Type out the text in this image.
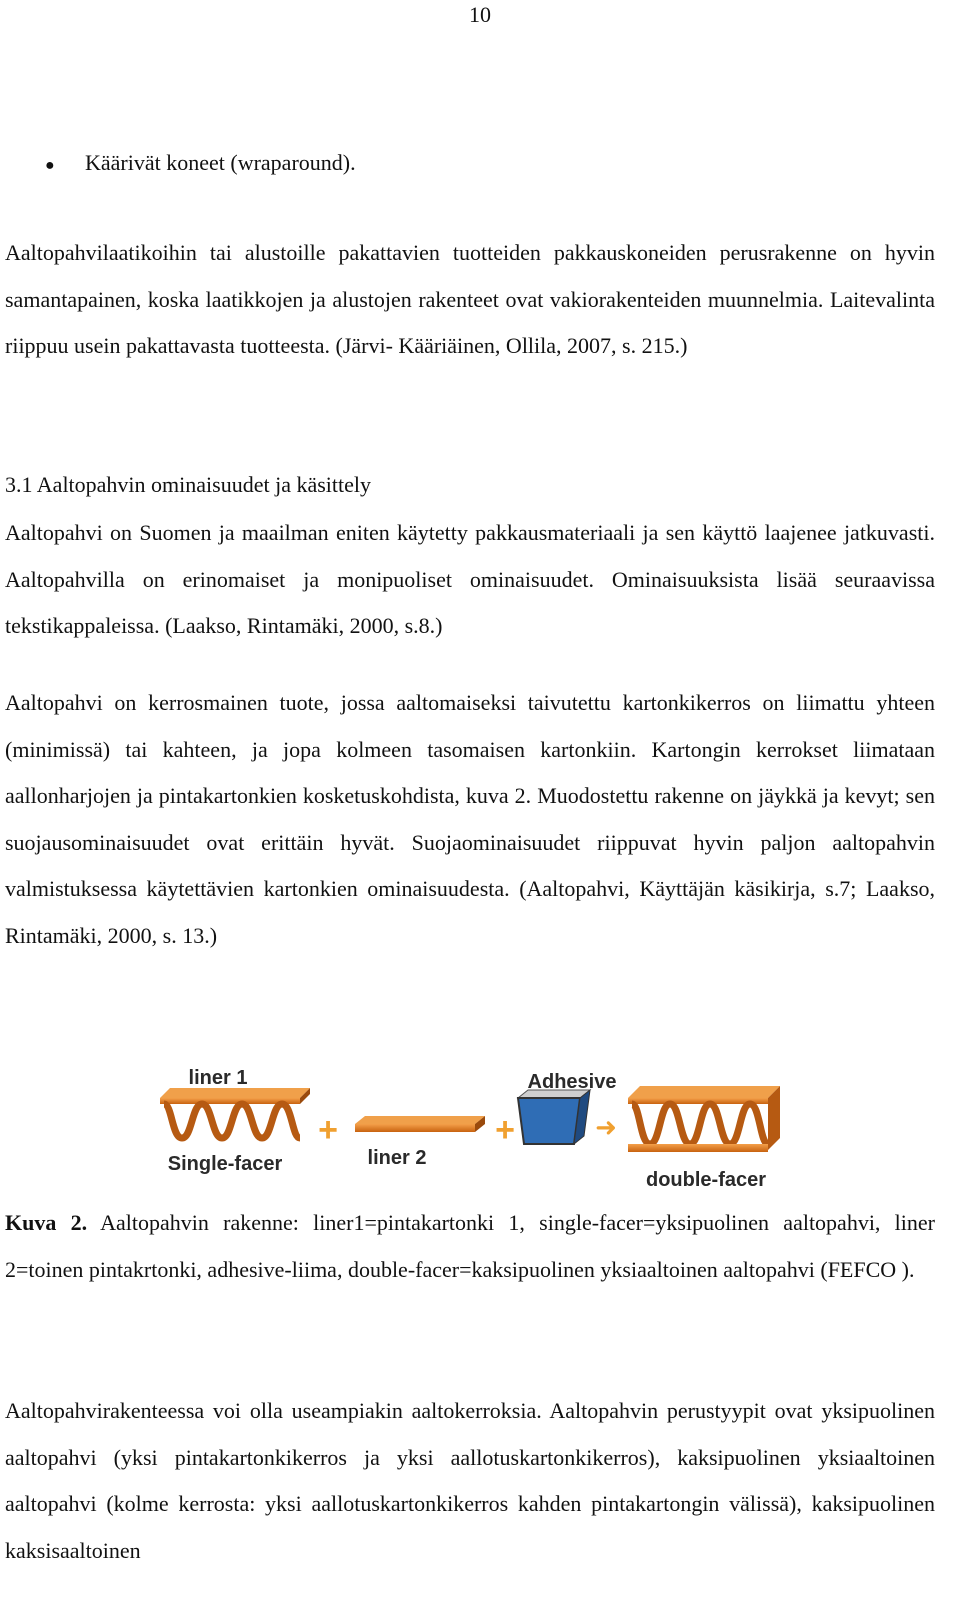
10
●	Käärivät koneet (wraparound).

Aaltopahvilaatikoihin tai alustoille pakattavien tuotteiden pakkauskoneiden perusrakenne on hyvin samantapainen, koska laatikkojen ja alustojen rakenteet ovat vakiorakenteiden muunnelmia. Laitevalinta riippuu usein pakattavasta tuotteesta. (Järvi- Kääriäinen, Ollila, 2007, s. 215.)

3.1 Aaltopahvin ominaisuudet ja käsittely

Aaltopahvi on Suomen ja maailman eniten käytetty pakkausmateriaali ja sen käyttö laajenee jatkuvasti. Aaltopahvilla on erinomaiset ja monipuoliset ominaisuudet. Ominaisuuksista lisää seuraavissa tekstikappaleissa. (Laakso, Rintamäki, 2000, s.8.)

Aaltopahvi on kerrosmainen tuote, jossa aaltomaiseksi taivutettu kartonkikerros on liimattu yhteen (minimissä) tai kahteen, ja jopa kolmeen tasomaisen kartonkiin. Kartongin kerrokset liimataan aallonharjojen ja pintakartonkien kosketuskohdista, kuva 2. Muodostettu rakenne on jäykkä ja kevyt; sen suojausominaisuudet ovat erittäin hyvät. Suojaominaisuudet riippuvat hyvin paljon aaltopahvin valmistuksessa käytettävien kartonkien ominaisuudesta. (Aaltopahvi, Käyttäjän käsikirja, s.7; Laakso, Rintamäki, 2000, s. 13.)

liner 1
Single-facer
+
liner 2
+
Adhesive
➜
double-facer

Kuva 2. Aaltopahvin rakenne: liner1=pintakartonki 1, single-facer=yksipuolinen aaltopahvi, liner 2=toinen pintakrtonki, adhesive-liima, double-facer=kaksipuolinen yksiaaltoinen aaltopahvi (FEFCO ).

Aaltopahvirakenteessa voi olla useampiakin aaltokerroksia. Aaltopahvin perustyypit ovat yksipuolinen aaltopahvi (yksi pintakartonkikerros ja yksi aallotuskartonkikerros), kaksipuolinen yksiaaltoinen aaltopahvi (kolme kerrosta: yksi aallotuskartonkikerros kahden pintakartongin välissä), kaksipuolinen kaksisaaltoinen
